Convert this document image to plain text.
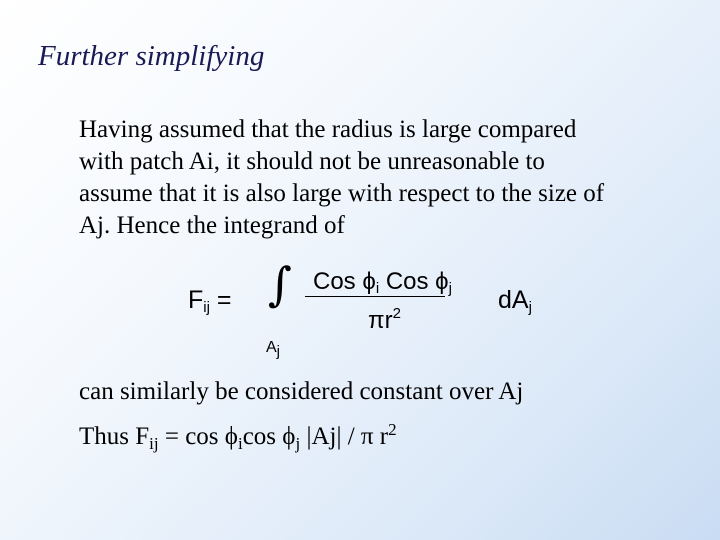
Further simplifying
Having assumed that the radius is large compared
with patch Ai, it should not be unreasonable to
assume that it is also large with respect to the size of
Aj. Hence the integrand of
$F_{ij}$ = ∫
$A_j$
Cos $\phi_i$ Cos $\phi_j$
$\pi r^2$	$dA_j$
can similarly be considered constant over Aj
Thus $F_{ij} = \cos \phi_i\cos$ $\phi_j$ |Aj| / π $r^2$
